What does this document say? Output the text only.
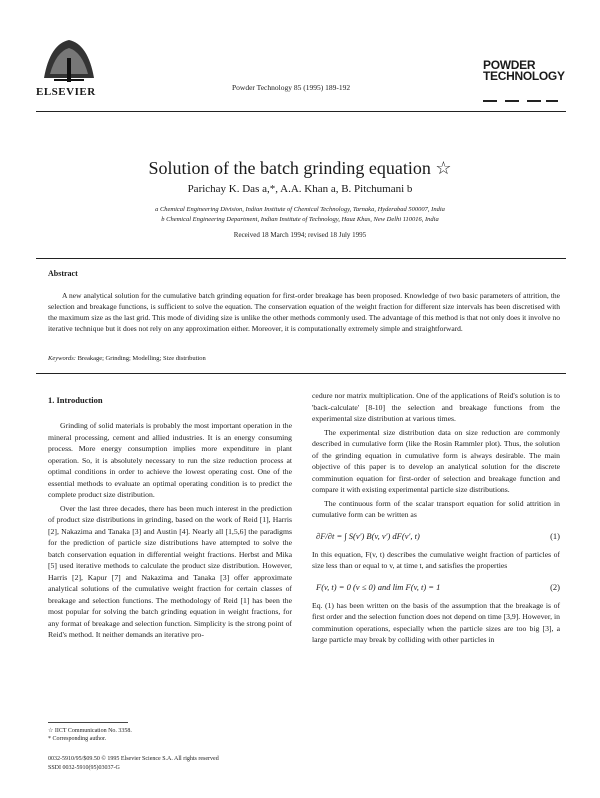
ELSEVIER	Powder Technology 85 (1995) 189-192
POWDER
TECHNOLOGY
Solution of the batch grinding equation ☆
Parichay K. Das a,*, A.A. Khan a, B. Pitchumani b
a Chemical Engineering Division, Indian Institute of Chemical Technology, Tarnaka, Hyderabad 500007, India
b Chemical Engineering Department, Indian Institute of Technology, Hauz Khas, New Delhi 110016, India
Received 18 March 1994; revised 18 July 1995
Abstract

A new analytical solution for the cumulative batch grinding equation for first-order breakage has been proposed. Knowledge of two basic parameters of attrition, the selection and breakage functions, is sufficient to solve the equation. The conservation equation of the weight fraction for different size intervals has been discretised with the maximum size as the last grid. This mode of dividing size is unlike the other methods commonly used. The advantage of this method is that not only does it involve no iterative technique but it does not rely on any approximation either. Moreover, it is computationally extremely simple and straightforward.

Keywords: Breakage; Grinding; Modelling; Size distribution
1. Introduction

Grinding of solid materials is probably the most important operation in the mineral processing, cement and allied industries. It is an energy consuming process. More energy consumption implies more expenditure in plant operation. So, it is absolutely necessary to run the size reduction process at optimal conditions in order to achieve the lowest operating cost. One of the essential methods to evaluate an optimal operating condition is to predict the complete product size distribution.

Over the last three decades, there has been much interest in the prediction of product size distributions in grinding, based on the work of Reid [1], Harris [2], Nakazima and Tanaka [3] and Austin [4]. Nearly all [1,5,6] the paradigms for the prediction of particle size distributions have attempted to solve the batch conservation equation in differential weight fractions. Herbst and Mika [5] used iterative methods to calculate the product size distribution. However, Harris [2], Kapur [7] and Nakazima and Tanaka [3] offer approximate analytical solutions of the cumulative weight fraction for certain classes of breakage and selection functions. The methodology of Reid [1] has been the most popular for solving the batch grinding equation in weight fractions, for any format of breakage and selection function. Simplicity is the strong point of Reid's method. It neither demands an iterative pro-

cedure nor matrix multiplication. One of the applications of Reid's solution is to 'back-calculate' [8-10] the selection and breakage functions from the experimental size distribution at various times.

The experimental size distribution data on size reduction are commonly described in cumulative form (like the Rosin Rammler plot). Thus, the solution of the grinding equation in cumulative form is always desirable. The main objective of this paper is to develop an analytical solution for the discrete comminution equation for first-order of selection and breakage function and compare it with existing experimental particle size distributions.

The continuous form of the scalar transport equation for solid attrition in cumulative form can be written as

∂F/∂t = ∫ S(v′) B(v, v′) dF(v′, t)	(1)

In this equation, F(v, t) describes the cumulative weight fraction of particles of size less than or equal to v, at time t, and satisfies the properties

F(v, t) = 0 (v ≤ 0) and lim F(v, t) = 1	(2)

Eq. (1) has been written on the basis of the assumption that the breakage is of first order and the selection function does not depend on time [3,9]. However, in comminution operations, especially when the particle sizes are too big [3], a large particle may break by colliding with other particles in

☆ IICT Communication No. 3358.
* Corresponding author.
0032-5910/95/$09.50 © 1995 Elsevier Science S.A. All rights reserved
SSDI 0032-5910(95)03037-G
